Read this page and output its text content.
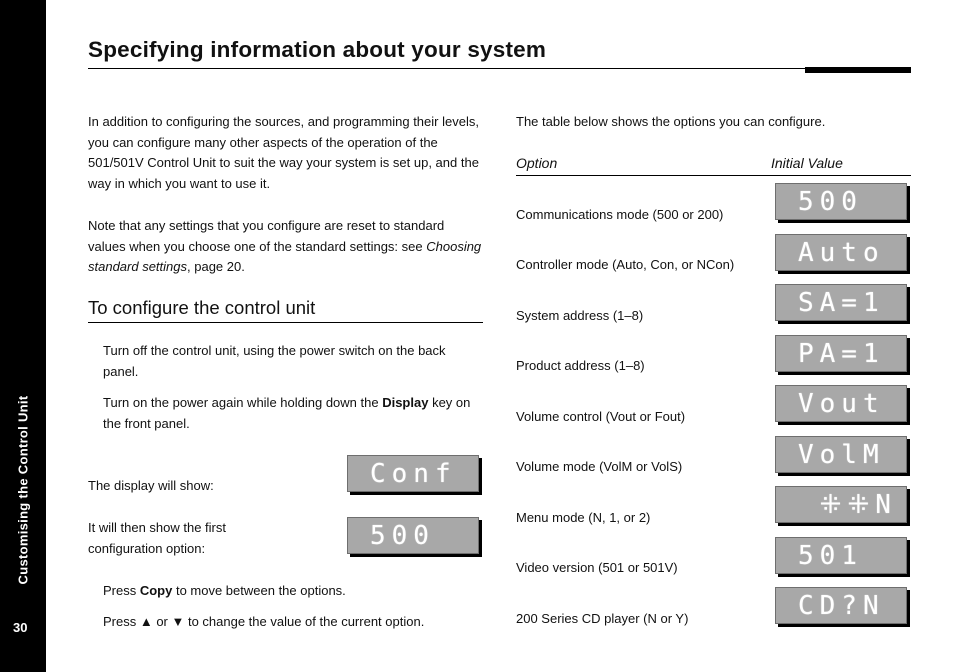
Customising the Control Unit
30
Specifying information about your system
In addition to configuring the sources, and programming their levels, you can configure many other aspects of the operation of the 501/501V Control Unit to suit the way your system is set up, and the way in which you want to use it.
Note that any settings that you configure are reset to standard values when you choose one of the standard settings: see Choosing standard settings, page 20.
To configure the control unit
Turn off the control unit, using the power switch on the back panel.
Turn on the power again while holding down the Display key on the front panel.
The display will show:	Conf
It will then show the first configuration option:	500
Press Copy to move between the options.
Press ▲ or ▼ to change the value of the current option.
The table below shows the options you can configure.
Option	Initial Value
Communications mode (500 or 200)	500
Controller mode (Auto, Con, or NCon)	Auto
System address (1–8)	SA=1
Product address (1–8)	PA=1
Volume control (Vout or Fout)	Vout
Volume mode (VolM or VolS)	VolM
Menu mode (N, 1, or 2)	⁜⁜N
Video version (501 or 501V)	501
200 Series CD player (N or Y)	CD?N
